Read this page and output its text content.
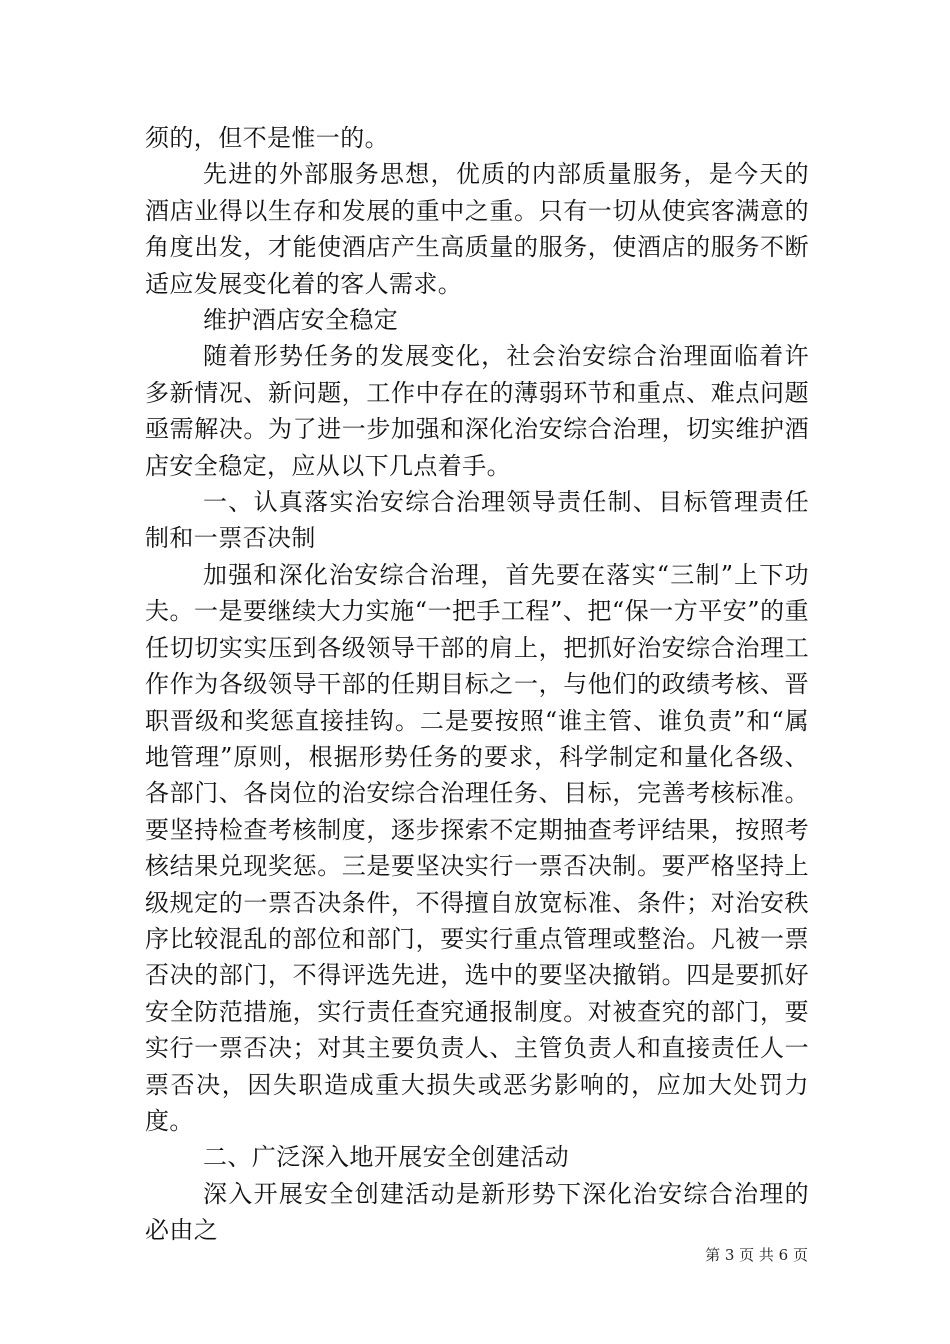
须的，但不是惟一的。

先进的外部服务思想，优质的内部质量服务，是今天的酒店业得以生存和发展的重中之重。只有一切从使宾客满意的角度出发，才能使酒店产生高质量的服务，使酒店的服务不断适应发展变化着的客人需求。

维护酒店安全稳定

随着形势任务的发展变化，社会治安综合治理面临着许多新情况、新问题，工作中存在的薄弱环节和重点、难点问题亟需解决。为了进一步加强和深化治安综合治理，切实维护酒店安全稳定，应从以下几点着手。

一、认真落实治安综合治理领导责任制、目标管理责任制和一票否决制

加强和深化治安综合治理，首先要在落实“三制”上下功夫。一是要继续大力实施“一把手工程”、把“保一方平安”的重任切切实实压到各级领导干部的肩上，把抓好治安综合治理工作作为各级领导干部的任期目标之一，与他们的政绩考核、晋职晋级和奖惩直接挂钩。二是要按照“谁主管、谁负责”和“属地管理”原则，根据形势任务的要求，科学制定和量化各级、各部门、各岗位的治安综合治理任务、目标，完善考核标准。要坚持检查考核制度，逐步探索不定期抽查考评结果，按照考核结果兑现奖惩。三是要坚决实行一票否决制。要严格坚持上级规定的一票否决条件，不得擅自放宽标准、条件；对治安秩序比较混乱的部位和部门，要实行重点管理或整治。凡被一票否决的部门，不得评选先进，选中的要坚决撤销。四是要抓好安全防范措施，实行责任查究通报制度。对被查究的部门，要实行一票否决；对其主要负责人、主管负责人和直接责任人一票否决，因失职造成重大损失或恶劣影响的，应加大处罚力度。

二、广泛深入地开展安全创建活动

深入开展安全创建活动是新形势下深化治安综合治理的必由之

第 3 页 共 6 页
